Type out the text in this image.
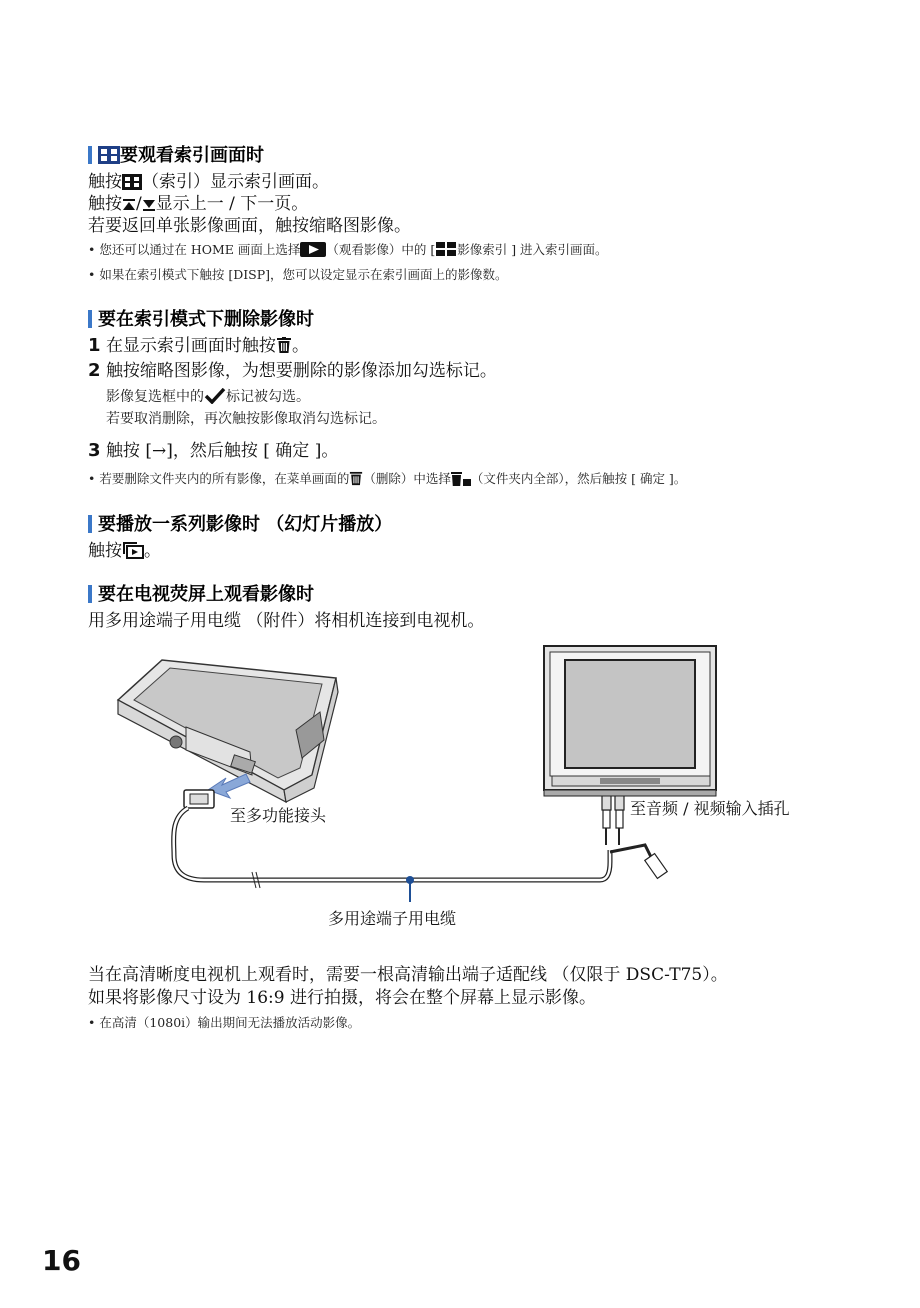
要观看索引画面时
触按 （索引）显示索引画面。
触按 / 显示上一 / 下一页。
若要返回单张影像画面，触按缩略图影像。
• 您还可以通过在 HOME 画面上选择 （观看影像）中的 [ 影像索引 ] 进入索引画面。
• 如果在索引模式下触按 [DISP]，您可以设定显示在索引画面上的影像数。
要在索引模式下删除影像时
1 在显示索引画面时触按 。
2 触按缩略图影像，为想要删除的影像添加勾选标记。
影像复选框中的 标记被勾选。
若要取消删除，再次触按影像取消勾选标记。
3 触按 [→]，然后触按 [ 确定 ]。
• 若要删除文件夹内的所有影像，在菜单画面的 （删除）中选择 （文件夹内全部），然后触按 [ 确定 ]。
要播放一系列影像时 （幻灯片播放）
触按 。
要在电视荧屏上观看影像时
用多用途端子用电缆 （附件）将相机连接到电视机。
至多功能接头	至音频 / 视频输入插孔
多用途端子用电缆
当在高清晰度电视机上观看时，需要一根高清输出端子适配线 （仅限于 DSC-T75）。
如果将影像尺寸设为 16:9 进行拍摄，将会在整个屏幕上显示影像。
• 在高清（1080i）输出期间无法播放活动影像。
16
